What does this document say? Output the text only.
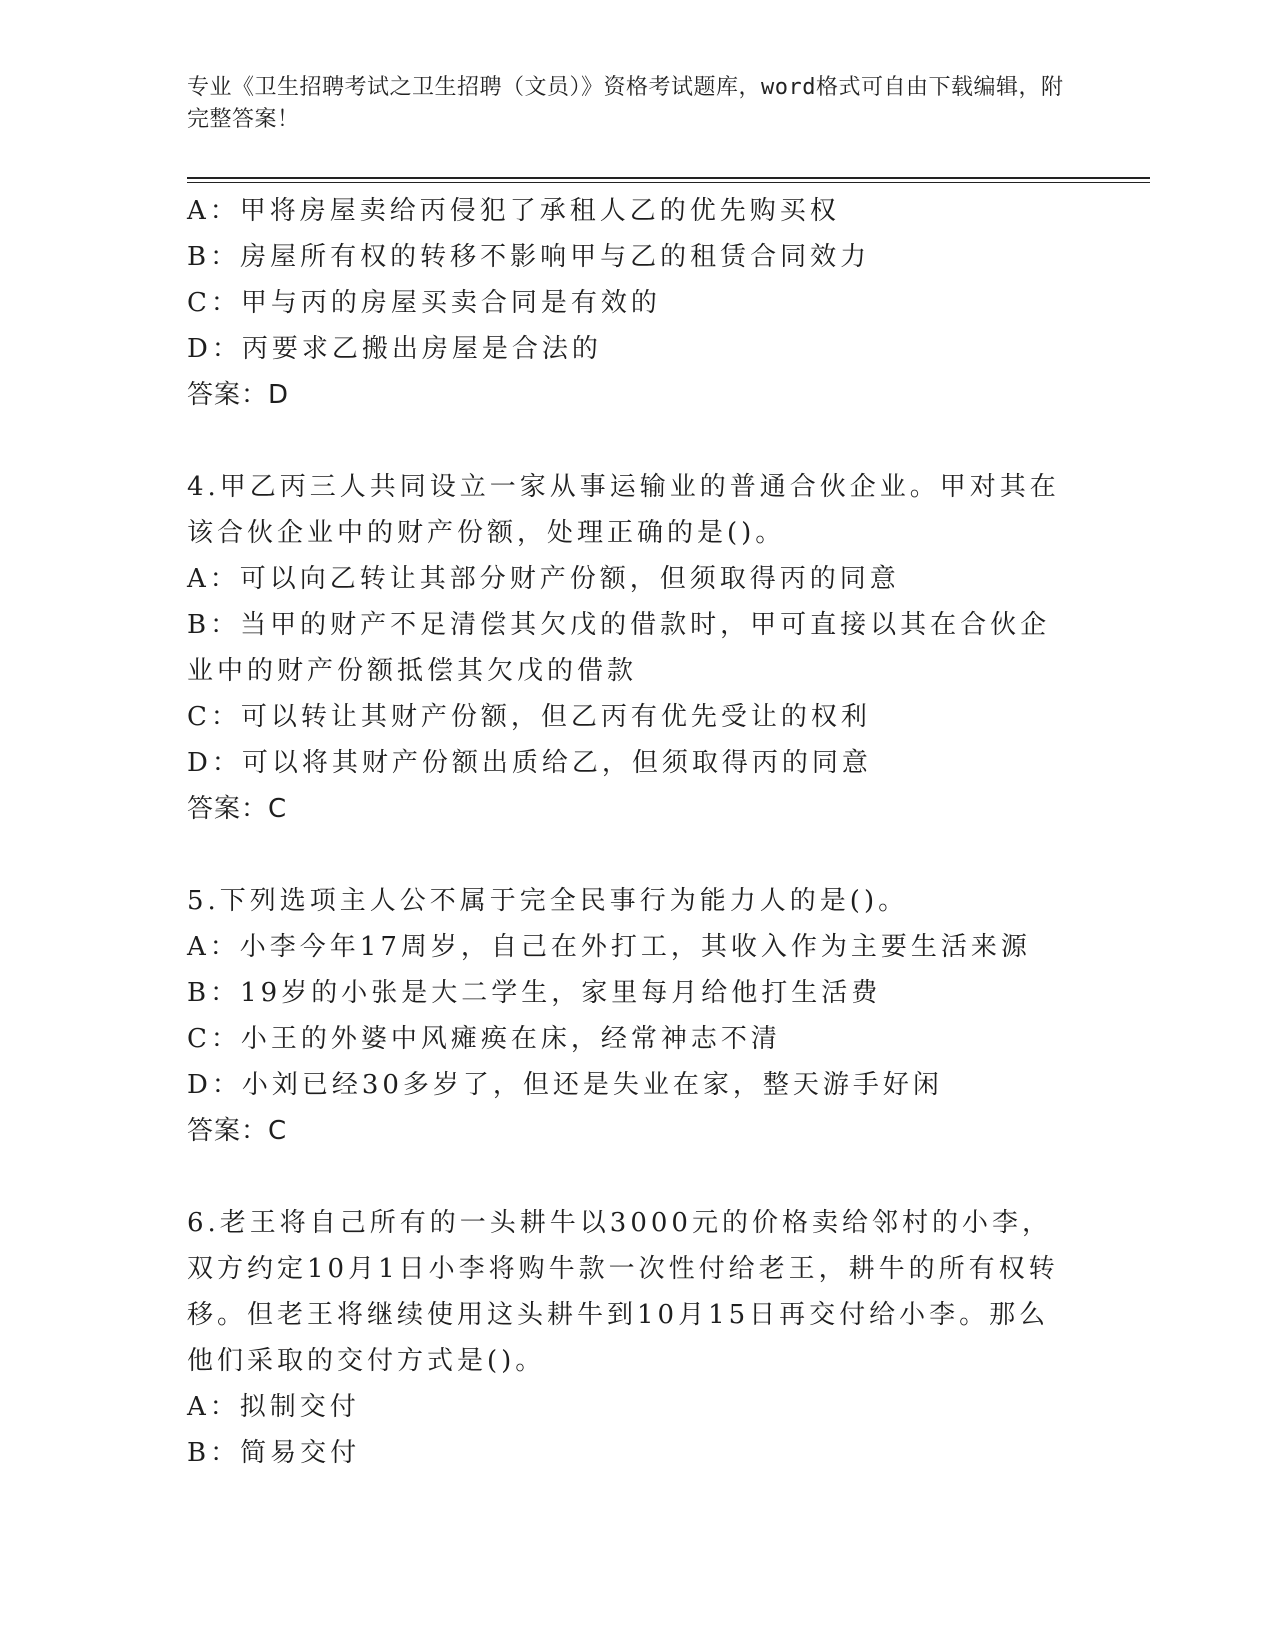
专业《卫生招聘考试之卫生招聘（文员）》资格考试题库，word格式可自由下载编辑，附完整答案！
A：甲将房屋卖给丙侵犯了承租人乙的优先购买权
B：房屋所有权的转移不影响甲与乙的租赁合同效力
C：甲与丙的房屋买卖合同是有效的
D：丙要求乙搬出房屋是合法的
答案：D
4.甲乙丙三人共同设立一家从事运输业的普通合伙企业。甲对其在该合伙企业中的财产份额，处理正确的是()。
A：可以向乙转让其部分财产份额，但须取得丙的同意
B：当甲的财产不足清偿其欠戊的借款时，甲可直接以其在合伙企业中的财产份额抵偿其欠戊的借款
C：可以转让其财产份额，但乙丙有优先受让的权利
D：可以将其财产份额出质给乙，但须取得丙的同意
答案：C
5.下列选项主人公不属于完全民事行为能力人的是()。
A：小李今年17周岁，自己在外打工，其收入作为主要生活来源
B：19岁的小张是大二学生，家里每月给他打生活费
C：小王的外婆中风瘫痪在床，经常神志不清
D：小刘已经30多岁了，但还是失业在家，整天游手好闲
答案：C
6.老王将自己所有的一头耕牛以3000元的价格卖给邻村的小李，双方约定10月1日小李将购牛款一次性付给老王，耕牛的所有权转移。但老王将继续使用这头耕牛到10月15日再交付给小李。那么他们采取的交付方式是()。
A：拟制交付
B：简易交付
